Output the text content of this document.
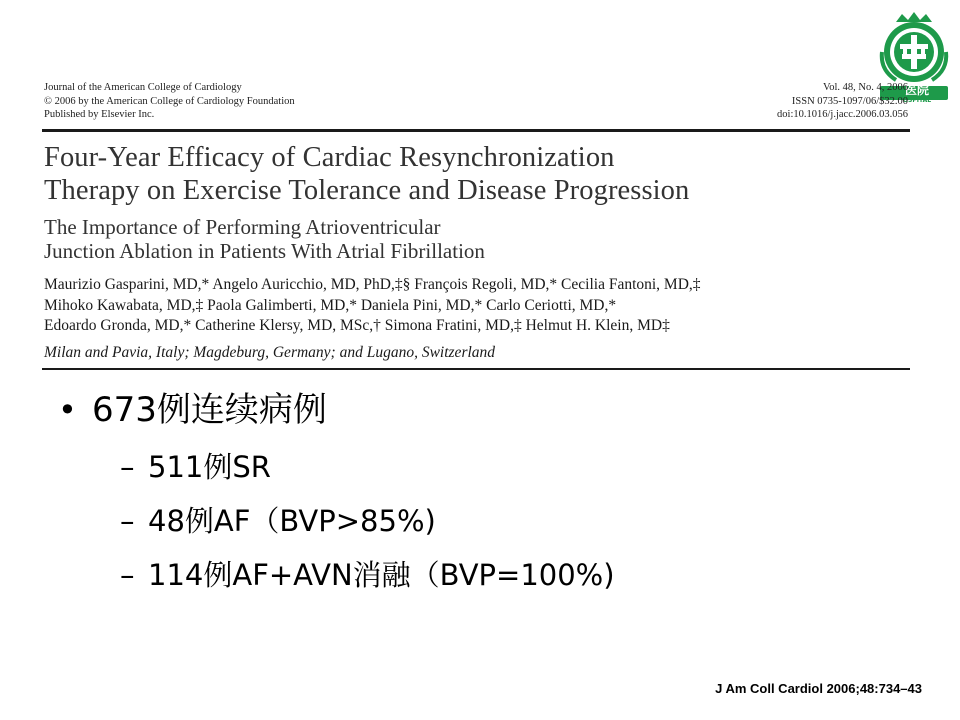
医院
OSPITAL
Journal of the American College of Cardiology
© 2006 by the American College of Cardiology Foundation
Published by Elsevier Inc.
Vol. 48, No. 4, 2006
ISSN 0735-1097/06/$32.00
doi:10.1016/j.jacc.2006.03.056
Four-Year Efficacy of Cardiac Resynchronization
Therapy on Exercise Tolerance and Disease Progression
The Importance of Performing Atrioventricular
Junction Ablation in Patients With Atrial Fibrillation
Maurizio Gasparini, MD,* Angelo Auricchio, MD, PhD,‡§ François Regoli, MD,* Cecilia Fantoni, MD,‡
Mihoko Kawabata, MD,‡ Paola Galimberti, MD,* Daniela Pini, MD,* Carlo Ceriotti, MD,*
Edoardo Gronda, MD,* Catherine Klersy, MD, MSc,† Simona Fratini, MD,‡ Helmut H. Klein, MD‡
Milan and Pavia, Italy; Magdeburg, Germany; and Lugano, Switzerland
• 673例连续病例
– 511例SR
– 48例AF（BVP>85%)
– 114例AF+AVN消融（BVP=100%)
J Am Coll Cardiol 2006;48:734–43
